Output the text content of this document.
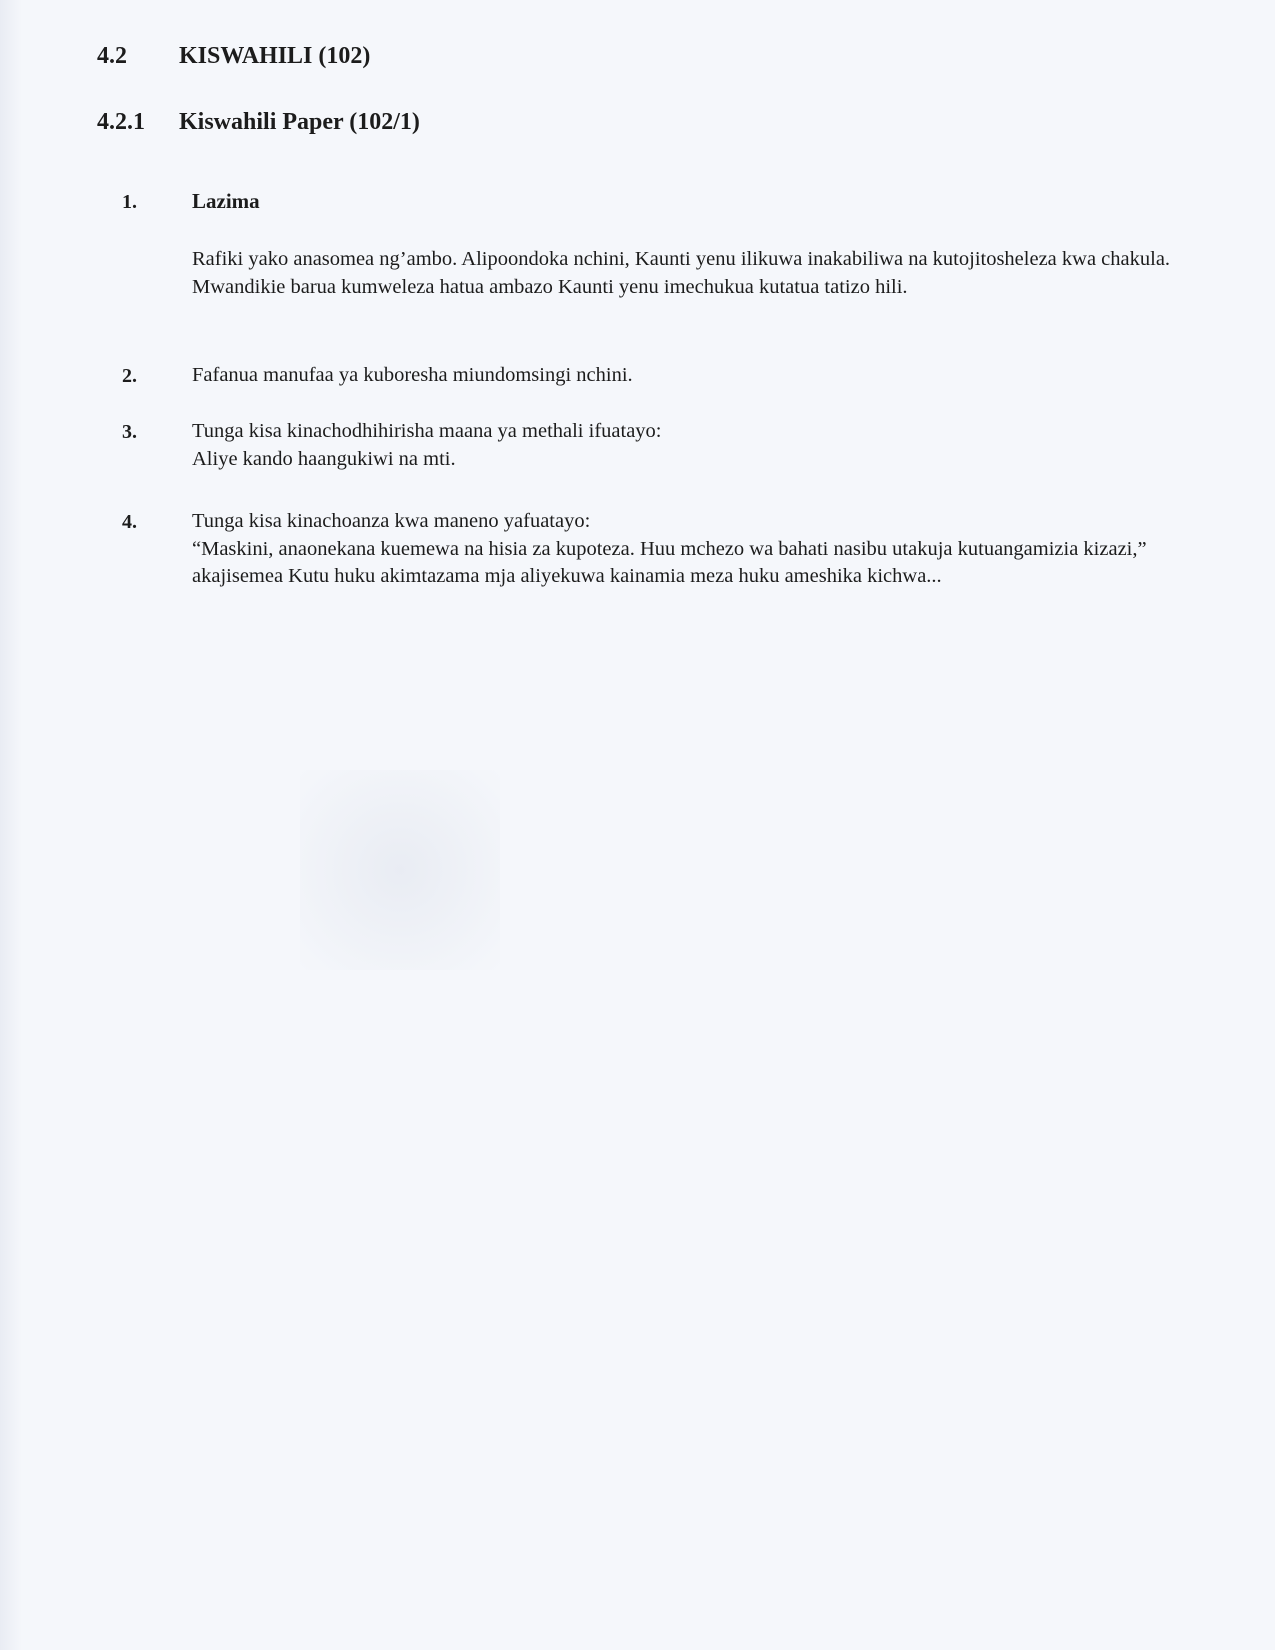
4.2 KISWAHILI (102)
4.2.1 Kiswahili Paper (102/1)
1.	Lazima

Rafiki yako anasomea ng’ambo. Alipoondoka nchini, Kaunti yenu ilikuwa inakabiliwa na kutojitosheleza kwa chakula.

Mwandikie barua kumweleza hatua ambazo Kaunti yenu imechukua kutatua tatizo hili.

2.	Fafanua manufaa ya kuboresha miundomsingi nchini.

3.	Tunga kisa kinachodhihirisha maana ya methali ifuatayo:

Aliye kando haangukiwi na mti.

4.	Tunga kisa kinachoanza kwa maneno yafuatayo:

“Maskini, anaonekana kuemewa na hisia za kupoteza. Huu mchezo wa bahati nasibu utakuja kutuangamizia kizazi,” akajisemea Kutu huku akimtazama mja aliyekuwa kainamia meza huku ameshika kichwa...
